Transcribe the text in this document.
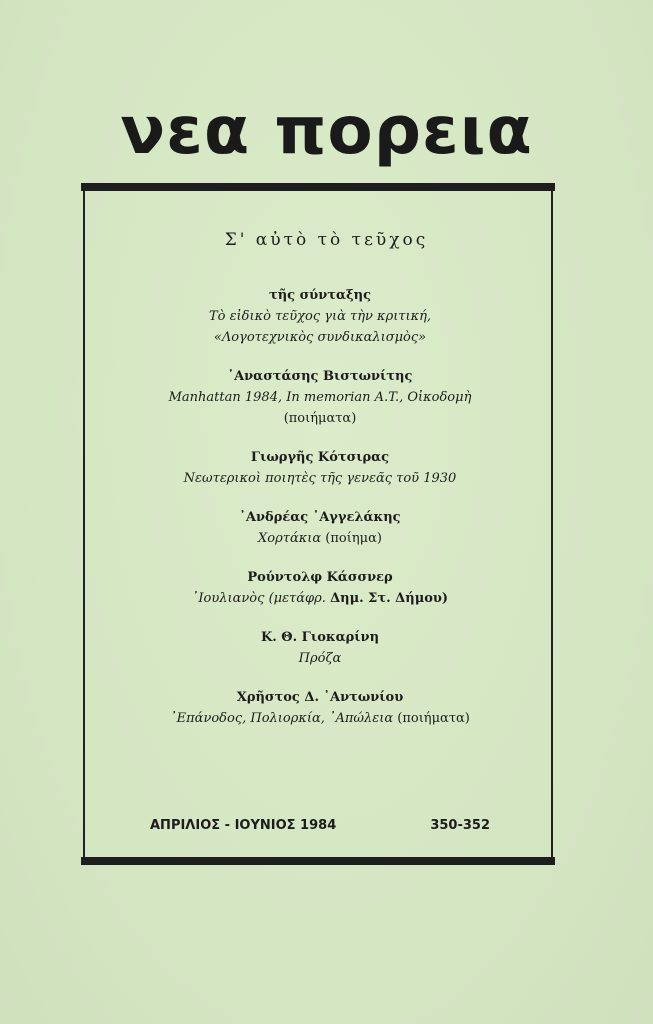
νεα πορεια
Σ' αὐτὸ τὸ τεῦχος
τῆς σύνταξης
Τὸ εἰδικὸ τεῦχος γιὰ τὴν κριτική,
«Λογοτεχνικὸς συνδικαλισμὸς»
᾿Αναστάσης Βιστωνίτης
Manhattan 1984, In memorian A.T., Οἰκοδομὴ
(ποιήματα)
Γιωργῆς Κότσιρας
Νεωτερικοὶ ποιητὲς τῆς γενεᾶς τοῦ 1930
᾿Ανδρέας ᾿Αγγελάκης
Χορτάκια (ποίημα)
Ρούντολφ Κάσσνερ
᾿Ιουλιανὸς (μετάφρ. Δημ. Στ. Δήμου)
Κ. Θ. Γιοκαρίνη
Πρόζα
Χρῆστος Δ. ᾿Αντωνίου
᾿Επάνοδος, Πολιορκία, ᾿Απώλεια (ποιήματα)
ΑΠΡΙΛΙΟΣ - ΙΟΥΝΙΟΣ 1984	350-352
